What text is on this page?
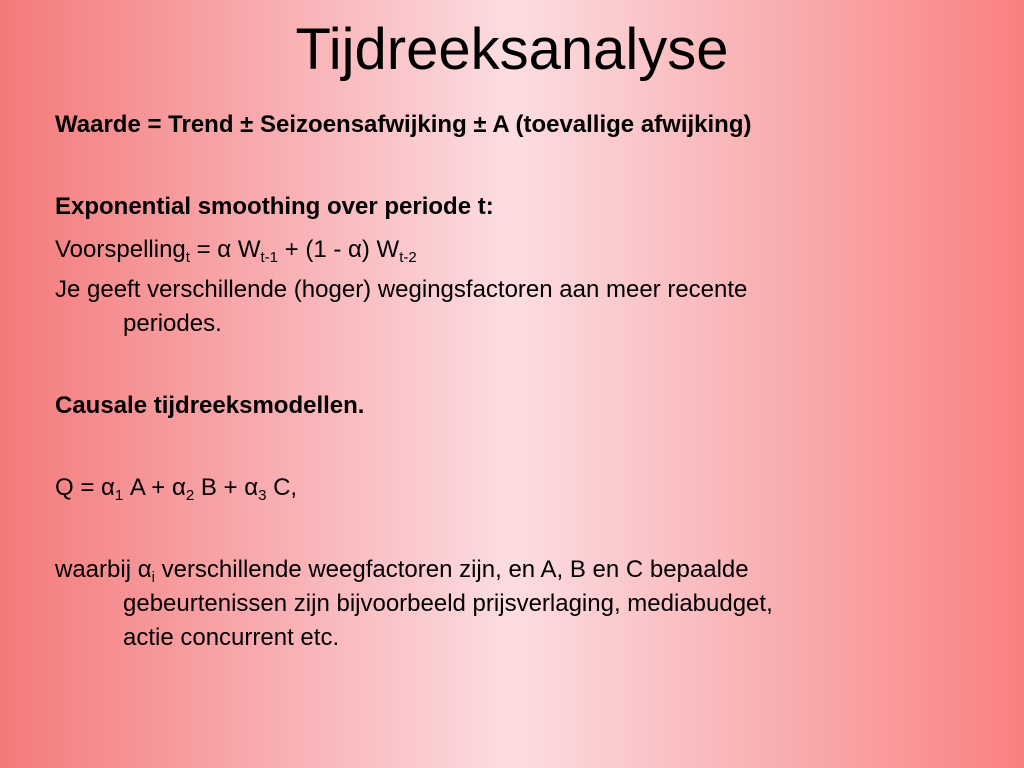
Tijdreeksanalyse
Waarde = Trend ± Seizoensafwijking ± A (toevallige afwijking)
Exponential smoothing over periode t:
Voorspelling$_t$ = α $W_{t-1} + (1 - \alpha)$ $W_{t-2}$
Je geeft verschillende (hoger) wegingsfactoren aan meer recente
periodes.
Causale tijdreeksmodellen.
$Q = \alpha_1$ $A + \alpha_2$ $B + \alpha_3$ C,
waarbij $\alpha_i$ verschillende weegfactoren zijn, en A, B en C bepaalde
gebeurtenissen zijn bijvoorbeeld prijsverlaging, mediabudget,
actie concurrent etc.
